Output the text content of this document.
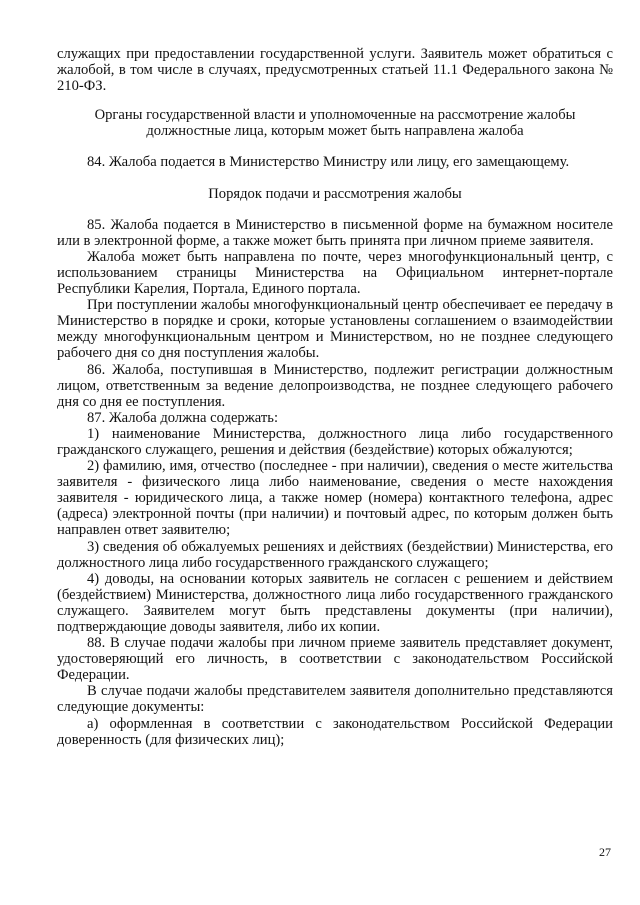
служащих при предоставлении государственной услуги. Заявитель может обратиться с жалобой, в том числе в случаях, предусмотренных статьей 11.1 Федерального закона № 210-ФЗ.

Органы государственной власти и уполномоченные на рассмотрение жалобы должностные лица, которым может быть направлена жалоба

84. Жалоба подается в Министерство Министру или лицу, его замещающему.

Порядок подачи и рассмотрения жалобы

85. Жалоба подается в Министерство в письменной форме на бумажном носителе или в электронной форме, а также может быть принята при личном приеме заявителя.

Жалоба может быть направлена по почте, через многофункциональный центр, с использованием страницы Министерства на Официальном интернет-портале Республики Карелия, Портала, Единого портала.

При поступлении жалобы многофункциональный центр обеспечивает ее передачу в Министерство в порядке и сроки, которые установлены соглашением о взаимодействии между многофункциональным центром и Министерством, но не позднее следующего рабочего дня со дня поступления жалобы.

86. Жалоба, поступившая в Министерство, подлежит регистрации должностным лицом, ответственным за ведение делопроизводства, не позднее следующего рабочего дня со дня ее поступления.

87. Жалоба должна содержать:

1) наименование Министерства, должностного лица либо государственного гражданского служащего, решения и действия (бездействие) которых обжалуются;

2) фамилию, имя, отчество (последнее - при наличии), сведения о месте жительства заявителя - физического лица либо наименование, сведения о месте нахождения заявителя - юридического лица, а также номер (номера) контактного телефона, адрес (адреса) электронной почты (при наличии) и почтовый адрес, по которым должен быть направлен ответ заявителю;

3) сведения об обжалуемых решениях и действиях (бездействии) Министерства, его должностного лица либо государственного гражданского служащего;

4) доводы, на основании которых заявитель не согласен с решением и действием (бездействием) Министерства, должностного лица либо государственного гражданского служащего. Заявителем могут быть представлены документы (при наличии), подтверждающие доводы заявителя, либо их копии.

88. В случае подачи жалобы при личном приеме заявитель представляет документ, удостоверяющий его личность, в соответствии с законодательством Российской Федерации.

В случае подачи жалобы представителем заявителя дополнительно представляются следующие документы:

а) оформленная в соответствии с законодательством Российской Федерации доверенность (для физических лиц);

27
